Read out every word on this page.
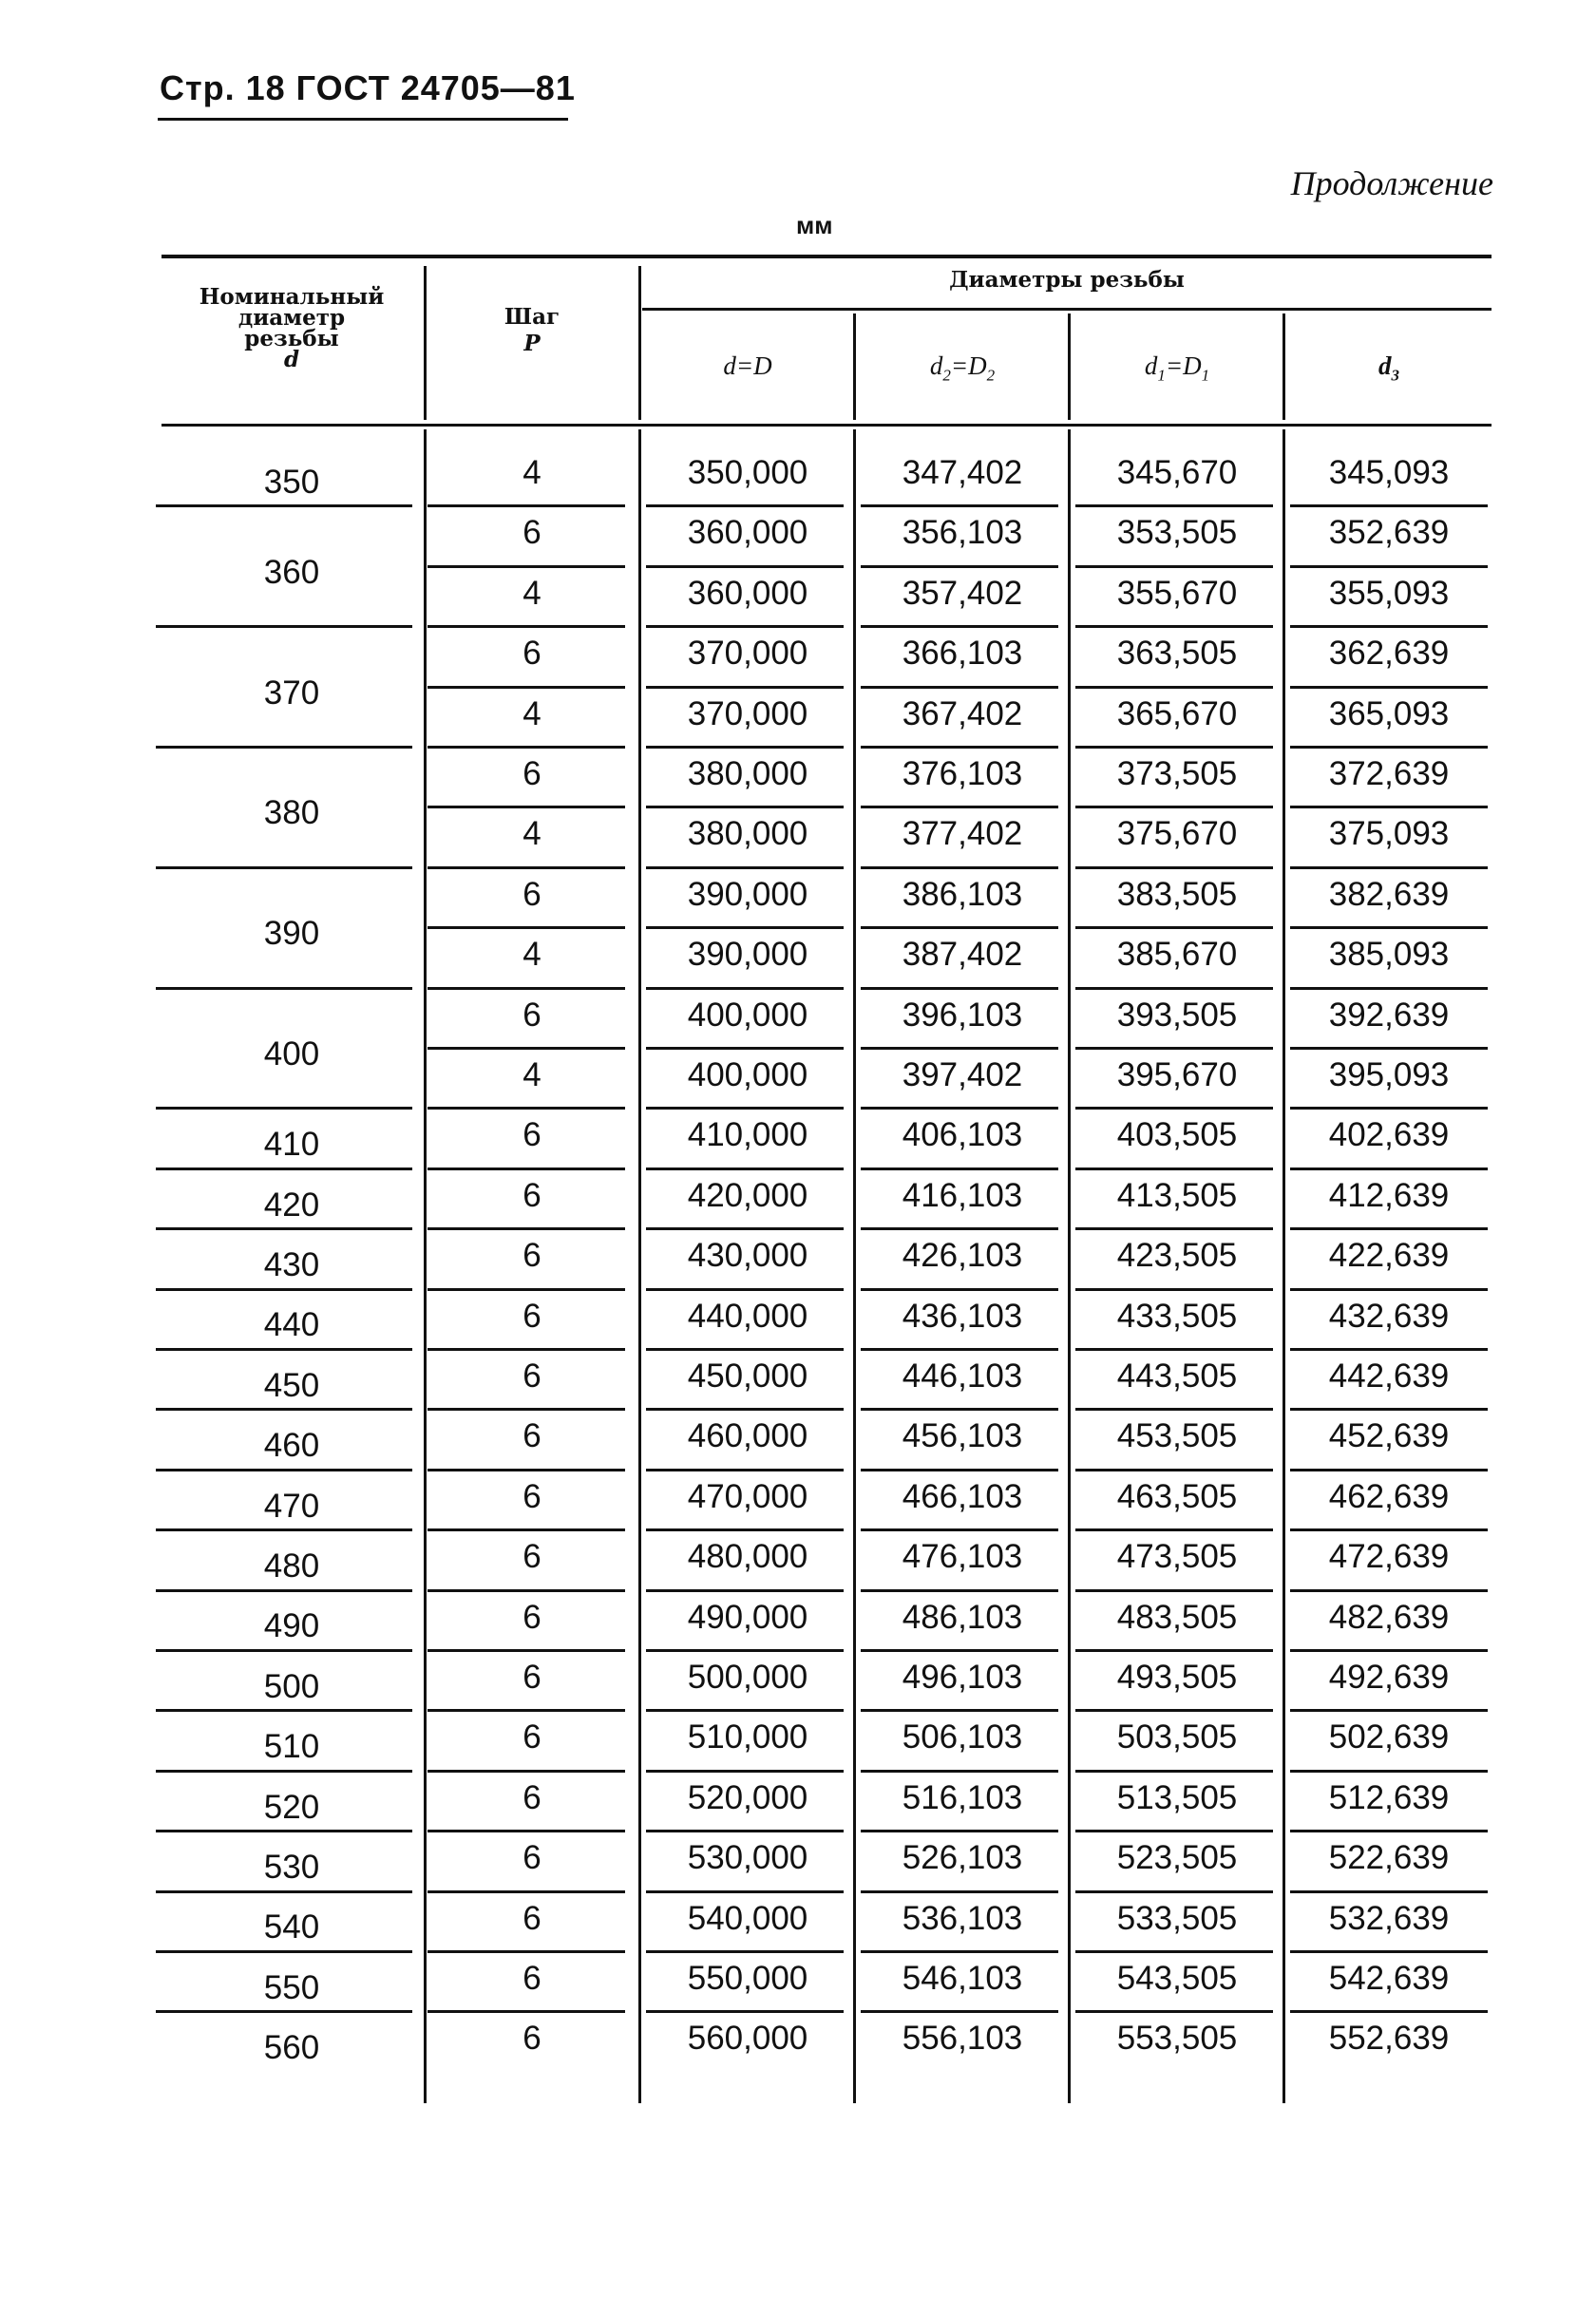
Стр. 18 ГОСТ 24705—81
Продолжение
мм
Номинальный
диаметр
резьбы
d
Шаг
P
Диаметры резьбы
d=D	$d_2=D_2$	$d_1=D_1$	$d_3$
350	4	350,000	347,402	345,670	345,093
360
6	360,000	356,103	353,505	352,639
4	360,000	357,402	355,670	355,093
370
6	370,000	366,103	363,505	362,639
4	370,000	367,402	365,670	365,093
380
6	380,000	376,103	373,505	372,639
4	380,000	377,402	375,670	375,093
390
6	390,000	386,103	383,505	382,639
4	390,000	387,402	385,670	385,093
400
6	400,000	396,103	393,505	392,639
4	400,000	397,402	395,670	395,093
410	6	410,000	406,103	403,505	402,639
420	6	420,000	416,103	413,505	412,639
430	6	430,000	426,103	423,505	422,639
440	6	440,000	436,103	433,505	432,639
450	6	450,000	446,103	443,505	442,639
460	6	460,000	456,103	453,505	452,639
470	6	470,000	466,103	463,505	462,639
480	6	480,000	476,103	473,505	472,639
490	6	490,000	486,103	483,505	482,639
500	6	500,000	496,103	493,505	492,639
510	6	510,000	506,103	503,505	502,639
520	6	520,000	516,103	513,505	512,639
530	6	530,000	526,103	523,505	522,639
540	6	540,000	536,103	533,505	532,639
550	6	550,000	546,103	543,505	542,639
560	6	560,000	556,103	553,505	552,639
